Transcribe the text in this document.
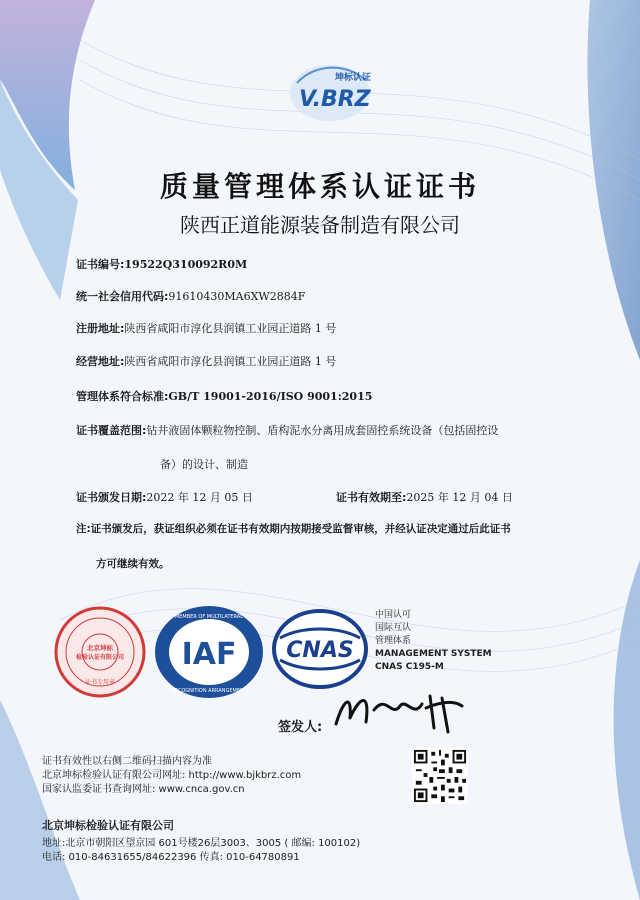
坤标认证
V.BRZ
质量管理体系认证证书
陕西正道能源装备制造有限公司
证书编号:19522Q310092R0M
统一社会信用代码:91610430MA6XW2884F
注册地址:陕西省咸阳市淳化县润镇工业园正道路 1 号
经营地址:陕西省咸阳市淳化县润镇工业园正道路 1 号
管理体系符合标准:GB/T 19001-2016/ISO 9001:2015
证书覆盖范围:钻井液固体颗粒物控制、盾构泥水分离用成套固控系统设备（包括固控设
备）的设计、制造
证书颁发日期:2022 年 12 月 05 日	证书有效期至:2025 年 12 月 04 日
注:证书颁发后，获证组织必须在证书有效期内按期接受监督审核，并经认证决定通过后此证书
方可继续有效。
北京坤标
检验认证有限公司
证书专用章
IAF
MEMBER OF MULTILATERAL
RECOGNITION ARRANGEMENT
CNAS
中国认可
国际互认
管理体系
MANAGEMENT SYSTEM
CNAS C195-M
签发人:
证书有效性以右侧二维码扫描内容为准
北京坤标检验认证有限公司网址: http://www.bjkbrz.com
国家认监委证书查询网址: www.cnca.gov.cn
北京坤标检验认证有限公司
地址:北京市朝阳区望京园 601号楼26层3003、3005 ( 邮编: 100102)
电话: 010-84631655/84622396 传真: 010-64780891
